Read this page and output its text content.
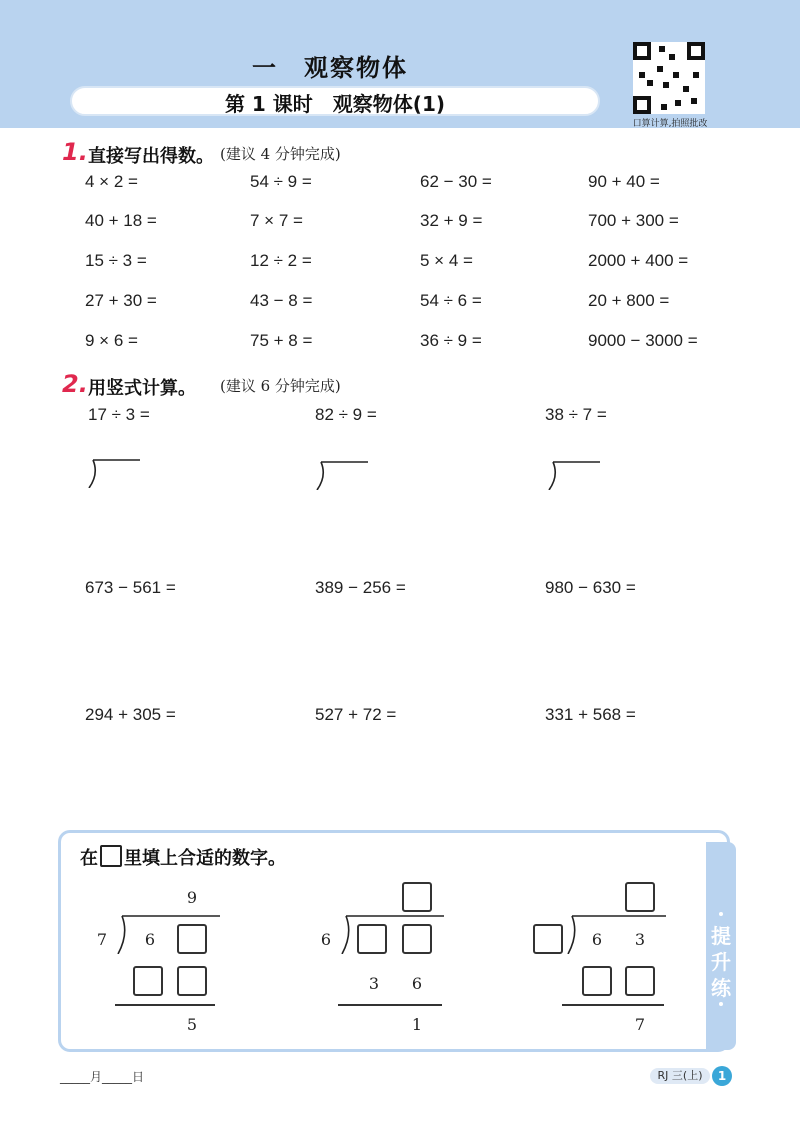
一　观察物体
第 1 课时　观察物体(1)
口算计算,拍照批改
1. 直接写出得数。 (建议 4 分钟完成)
4 × 2 =	54 ÷ 9 =	62 − 30 =	90 + 40 =
40 + 18 =	7 × 7 =	32 + 9 =	700 + 300 =
15 ÷ 3 =	12 ÷ 2 =	5 × 4 =	2000 + 400 =
27 + 30 =	43 − 8 =	54 ÷ 6 =	20 + 800 =
9 × 6 =	75 + 8 =	36 ÷ 9 =	9000 − 3000 =
2. 用竖式计算。 (建议 6 分钟完成)
17 ÷ 3 =	82 ÷ 9 =	38 ÷ 7 =
673 − 561 =	389 − 256 =	980 − 630 =
294 + 305 =	527 + 72 =	331 + 568 =
提
升
练
在 里填上合适的数字。
9
7	6
5
6
3	6
1
6	3
7
_____月_____日	RJ 三(上)	1
